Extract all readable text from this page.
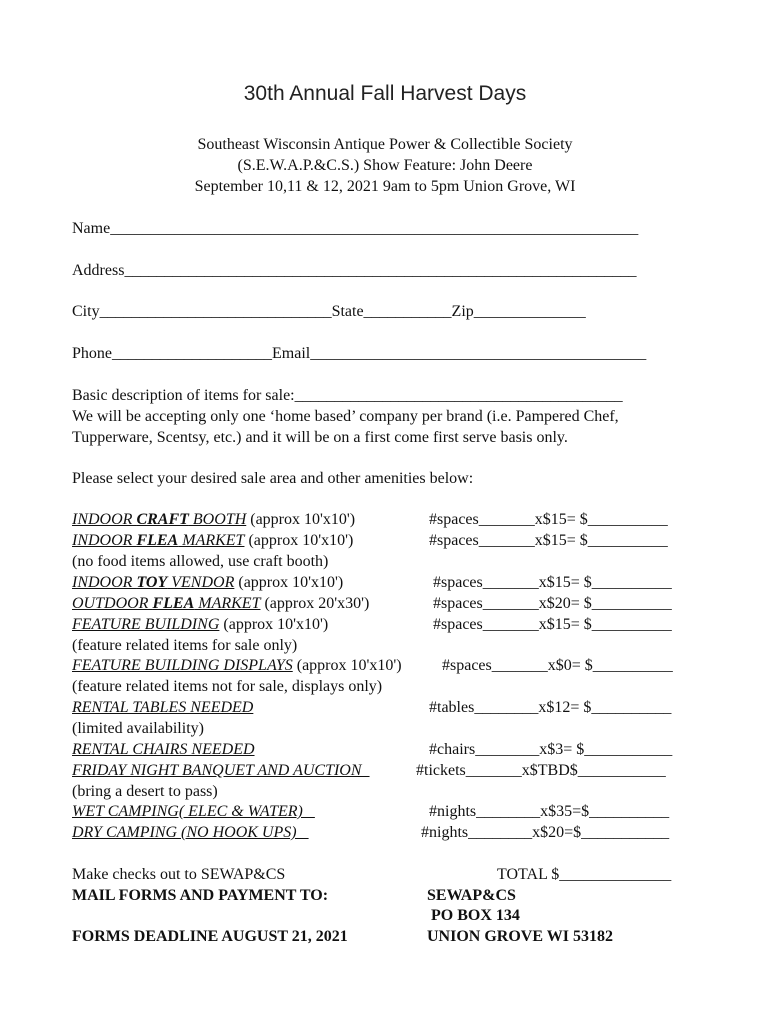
30th Annual Fall Harvest Days
Southeast Wisconsin Antique Power & Collectible Society
(S.E.W.A.P.&C.S.) Show Feature: John Deere
September 10,11 & 12, 2021 9am to 5pm Union Grove, WI
Name__________________________________________________________________
Address________________________________________________________________
City_____________________________State___________Zip______________
Phone____________________Email__________________________________________
Basic description of items for sale:_________________________________________
We will be accepting only one ‘home based’ company per brand (i.e. Pampered Chef,
Tupperware, Scentsy, etc.) and it will be on a first come first serve basis only.
Please select your desired sale area and other amenities below:
INDOOR CRAFT BOOTH (approx 10'x10')	#spaces_______x$15= $__________
INDOOR FLEA MARKET (approx 10'x10')	#spaces_______x$15= $__________
(no food items allowed, use craft booth)
INDOOR TOY VENDOR (approx 10'x10')	#spaces_______x$15= $__________
OUTDOOR FLEA MARKET (approx 20'x30')	#spaces_______x$20= $__________
FEATURE BUILDING (approx 10'x10')	#spaces_______x$15= $__________
(feature related items for sale only)
FEATURE BUILDING DISPLAYS (approx 10'x10')	#spaces_______x$0= $__________
(feature related items not for sale, displays only)
RENTAL TABLES NEEDED	#tables________x$12= $__________
(limited availability)
RENTAL CHAIRS NEEDED	#chairs________x$3= $___________
FRIDAY NIGHT BANQUET AND AUCTION	#tickets_______x$TBD$___________
(bring a desert to pass)
WET CAMPING( ELEC & WATER)	#nights________x$35=$__________
DRY CAMPING (NO HOOK UPS)	#nights________x$20=$___________
Make checks out to SEWAP&CS	TOTAL $______________
MAIL FORMS AND PAYMENT TO:	SEWAP&CS
PO BOX 134
FORMS DEADLINE AUGUST 21, 2021	UNION GROVE WI 53182
